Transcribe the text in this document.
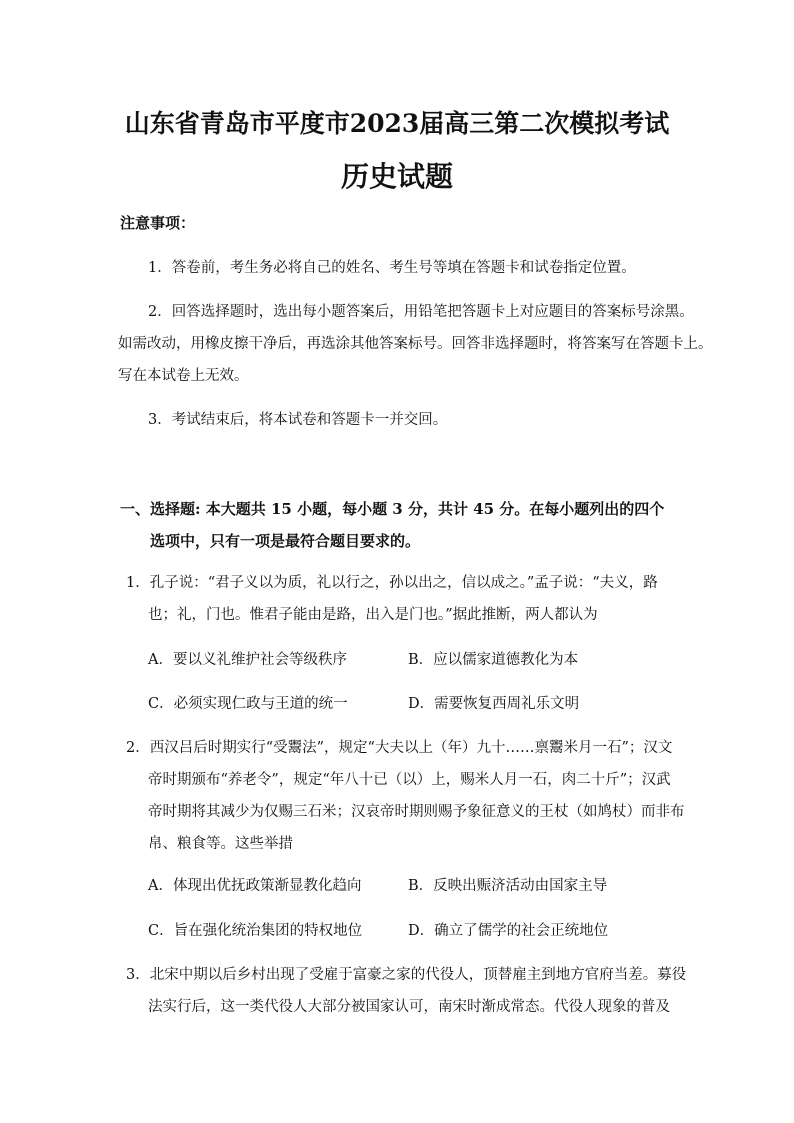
山东省青岛市平度市2023届高三第二次模拟考试
历史试题
注意事项：
1．答卷前，考生务必将自己的姓名、考生号等填在答题卡和试卷指定位置。
2．回答选择题时，选出每小题答案后，用铅笔把答题卡上对应题目的答案标号涂黑。
如需改动，用橡皮擦干净后，再选涂其他答案标号。回答非选择题时，将答案写在答题卡上。
写在本试卷上无效。
3．考试结束后，将本试卷和答题卡一并交回。
一、选择题: 本大题共 15 小题，每小题 3 分，共计 45 分。在每小题列出的四个
选项中，只有一项是最符合题目要求的。
1．孔子说：“君子义以为质，礼以行之，孙以出之，信以成之。”孟子说：“夫义，路
也；礼，门也。惟君子能由是路，出入是门也。”据此推断，两人都认为
A．要以义礼维护社会等级秩序	B．应以儒家道德教化为本
C．必须实现仁政与王道的统一	D．需要恢复西周礼乐文明
2．西汉吕后时期实行“受鬻法”，规定“大夫以上（年）九十……禀鬻米月一石”；汉文
帝时期颁布“养老令”，规定“年八十已（以）上，赐米人月一石，肉二十斤”；汉武
帝时期将其减少为仅赐三石米；汉哀帝时期则赐予象征意义的王杖（如鸠杖）而非布
帛、粮食等。这些举措
A．体现出优抚政策渐显教化趋向	B．反映出赈济活动由国家主导
C．旨在强化统治集团的特权地位	D．确立了儒学的社会正统地位
3．北宋中期以后乡村出现了受雇于富豪之家的代役人，顶替雇主到地方官府当差。募役
法实行后，这一类代役人大部分被国家认可，南宋时渐成常态。代役人现象的普及
